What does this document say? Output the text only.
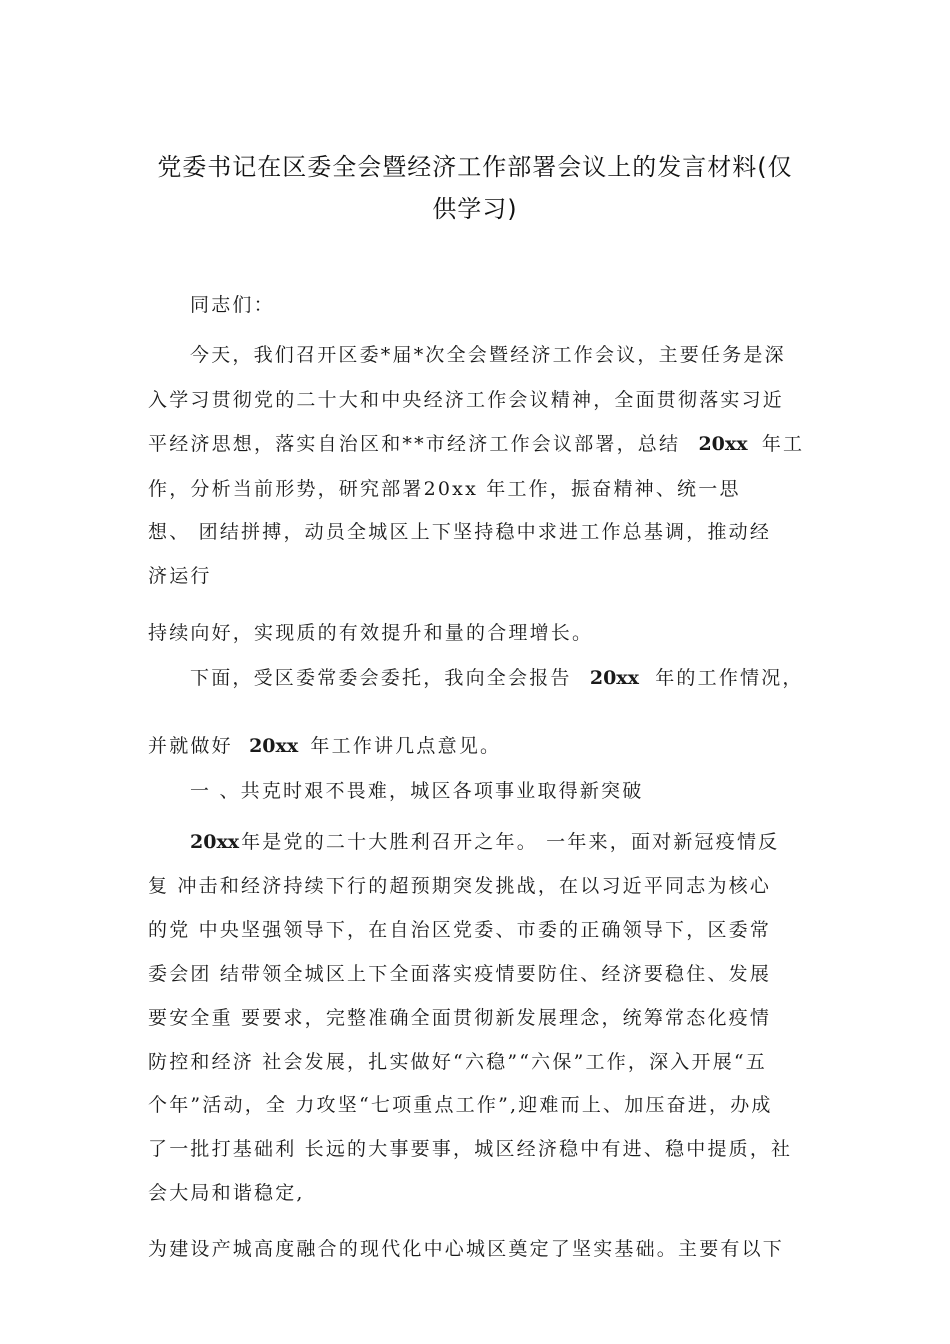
党委书记在区委全会暨经济工作部署会议上的发言材料(仅
供学习)
同志们：
今天，我们召开区委*届*次全会暨经济工作会议，主要任务是深
入学习贯彻党的二十大和中央经济工作会议精神，全面贯彻落实习近
平经济思想，落实自治区和**市经济工作会议部署，总结 20xx 年工
作，分析当前形势，研究部署20xx 年工作，振奋精神、统一思
想、 团结拼搏，动员全城区上下坚持稳中求进工作总基调，推动经
济运行
持续向好，实现质的有效提升和量的合理增长。
下面，受区委常委会委托，我向全会报告 20xx 年的工作情况，
并就做好 20xx 年工作讲几点意见。
一 、共克时艰不畏难，城区各项事业取得新突破
20xx 年是党的二十大胜利召开之年。 一年来，面对新冠疫情反
复 冲击和经济持续下行的超预期突发挑战，在以习近平同志为核心
的党 中央坚强领导下，在自治区党委、市委的正确领导下，区委常
委会团 结带领全城区上下全面落实疫情要防住、经济要稳住、发展
要安全重 要要求，完整准确全面贯彻新发展理念，统筹常态化疫情
防控和经济 社会发展，扎实做好“六稳”“六保”工作，深入开展“五
个年”活动，全 力攻坚“七项重点工作”,迎难而上、加压奋进，办成
了一批打基础利 长远的大事要事，城区经济稳中有进、稳中提质，社
会大局和谐稳定,
为建设产城高度融合的现代化中心城区奠定了坚实基础。主要有以下
